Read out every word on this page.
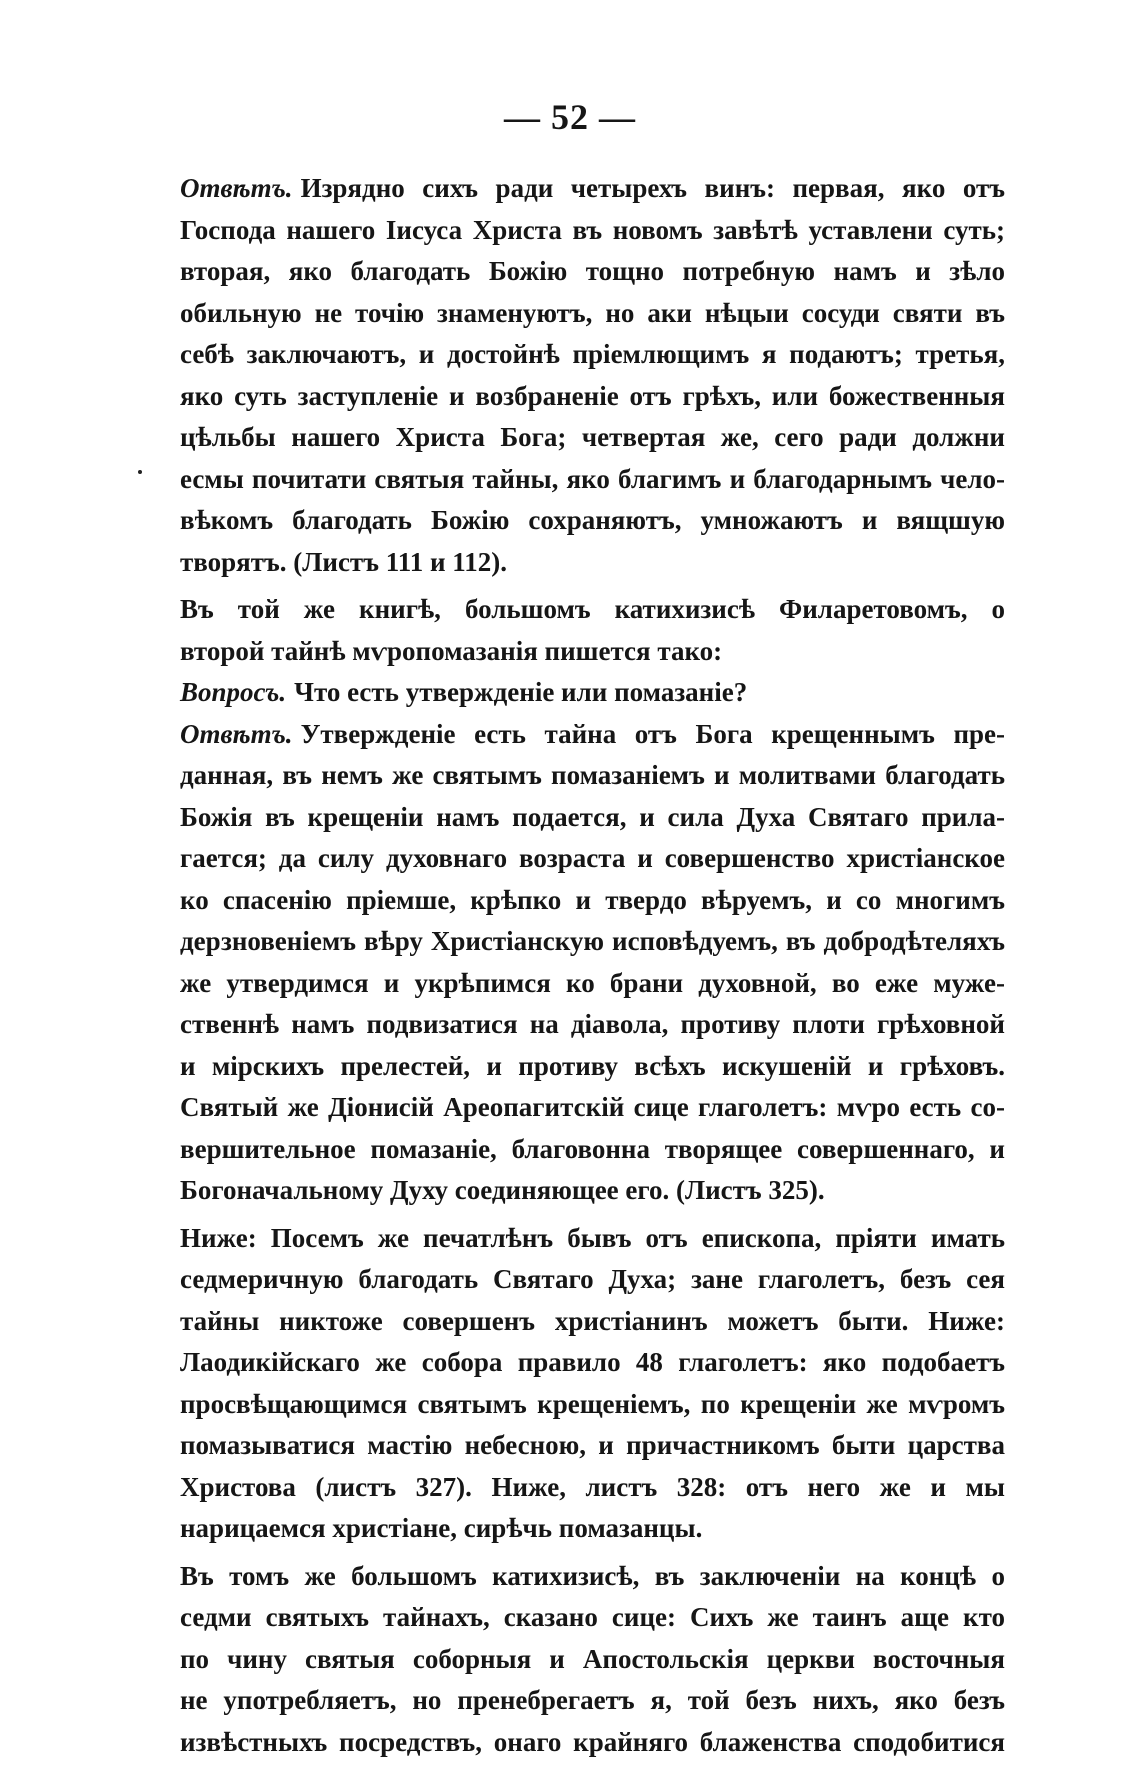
— 52 —

Отвѣтъ. Изрядно сихъ ради четырехъ винъ: первая, яко отъ
Господа нашего Іисуса Христа въ новомъ завѣтѣ уставлени суть;
вторая, яко благодать Божію тощно потребную намъ и зѣло
обильную не точію знаменуютъ, но аки нѣцыи сосуди святи въ
себѣ заключаютъ, и достойнѣ пріемлющимъ я подаютъ; третья,
яко суть заступленіе и возбраненіе отъ грѣхъ, или божественныя
цѣльбы нашего Христа Бога; четвертая же, сего ради должни
есмы почитати святыя тайны, яко благимъ и благодарнымъ чело-
вѣкомъ благодать Божію сохраняютъ, умножаютъ и вящшую
творятъ. (Листъ 111 и 112).

Въ той же книгѣ, большомъ катихизисѣ Филаретовомъ, о
второй тайнѣ мѵропомазанія пишется тако:

Вопросъ. Что есть утвержденіе или помазаніе?

Отвѣтъ. Утвержденіе есть тайна отъ Бога крещеннымъ пре-
данная, въ немъ же святымъ помазаніемъ и молитвами благодать
Божія въ крещеніи намъ подается, и сила Духа Святаго прила-
гается; да силу духовнаго возраста и совершенство христіанское
ко спасенію пріемше, крѣпко и твердо вѣруемъ, и со многимъ
дерзновеніемъ вѣру Христіанскую исповѣдуемъ, въ добродѣтеляхъ
же утвердимся и укрѣпимся ко брани духовной, во еже муже-
ственнѣ намъ подвизатися на діавола, противу плоти грѣховной
и мірскихъ прелестей, и противу всѣхъ искушеній и грѣховъ.
Святый же Діонисій Ареопагитскій сице глаголетъ: мѵро есть со-
вершительное помазаніе, благовонна творящее совершеннаго, и
Богоначальному Духу соединяющее его. (Листъ 325).

Ниже: Посемъ же печатлѣнъ бывъ отъ епископа, пріяти имать
седмеричную благодать Святаго Духа; зане глаголетъ, безъ сея
тайны никтоже совершенъ христіанинъ можетъ быти. Ниже:
Лаодикійскаго же собора правило 48 глаголетъ: яко подобаетъ
просвѣщающимся святымъ крещеніемъ, по крещеніи же мѵромъ
помазыватися мастію небесною, и причастникомъ быти царства
Христова (листъ 327). Ниже, листъ 328: отъ него же и мы
нарицаемся христіане, сирѣчь помазанцы.

Въ томъ же большомъ катихизисѣ, въ заключеніи на концѣ о
седми святыхъ тайнахъ, сказано сице: Сихъ же таинъ аще кто
по чину святыя соборныя и Апостольскія церкви восточныя
не употребляетъ, но пренебрегаетъ я, той безъ нихъ, яко безъ
извѣстныхъ посредствъ, онаго крайняго блаженства сподобитися
